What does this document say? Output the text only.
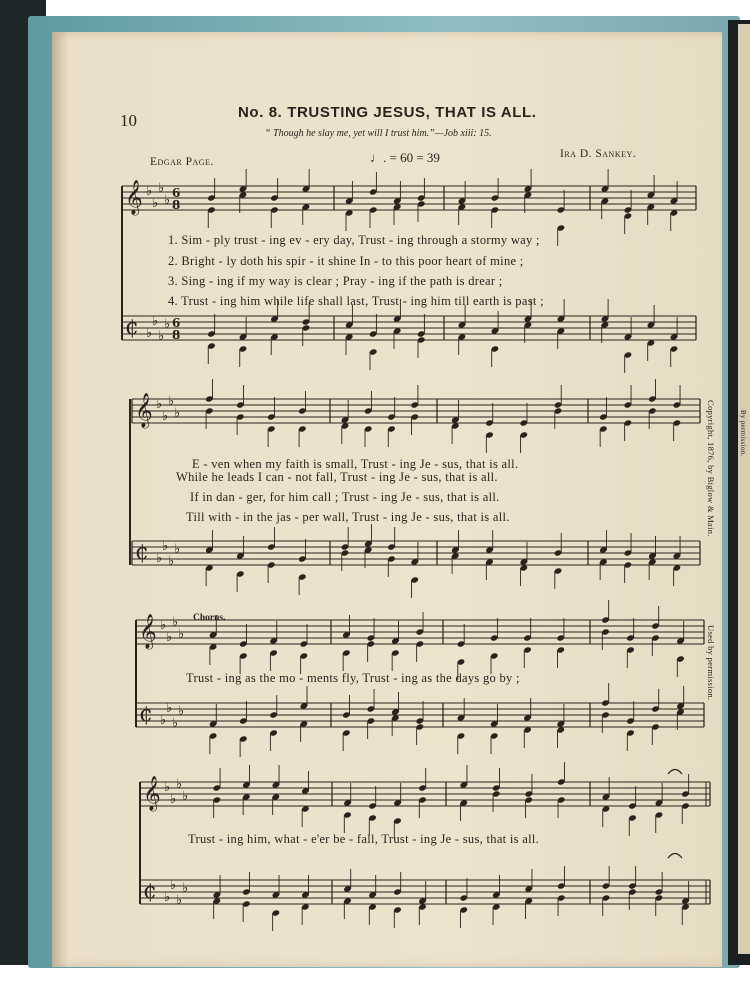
10	No. 8. TRUSTING JESUS, THAT IS ALL.
“ Though he slay me, yet will I trust him.”—Job xiii: 15.
Edgar Page.	♩. = 60 = 39	Ira D. Sankey.
𝄞 ♭
♭
♭
♭ 6
8
¢ ♭
♭
♭
♭ 6
8
𝄞 ♭
♭
♭
♭
¢ ♭
♭
♭
♭
𝄞 ♭
♭
♭
♭
¢ ♭
♭
♭
♭
𝄞 ♭
♭
♭
♭
¢ ♭
♭
♭
♭
1. Sim - ply trust - ing ev - ery day, Trust - ing through a stormy way ;
2. Bright - ly doth his spir - it shine In - to this poor heart of mine ;
3. Sing - ing if my way is clear ; Pray - ing if the path is drear ;
4. Trust - ing him while life shall last, Trust - ing him till earth is past ;
E - ven when my faith is small, Trust - ing Je - sus, that is all.
While he leads I can - not fall, Trust - ing Je - sus, that is all.
If in dan - ger, for him call ; Trust - ing Je - sus, that is all.
Till with - in the jas - per wall, Trust - ing Je - sus, that is all.
Chorus.
Trust - ing as the mo - ments fly, Trust - ing as the days go by ;
Trust - ing him, what - e'er be - fall, Trust - ing Je - sus, that is all.
Copyright, 1876, by Biglow & Main.
Used by permission.
By permission.
